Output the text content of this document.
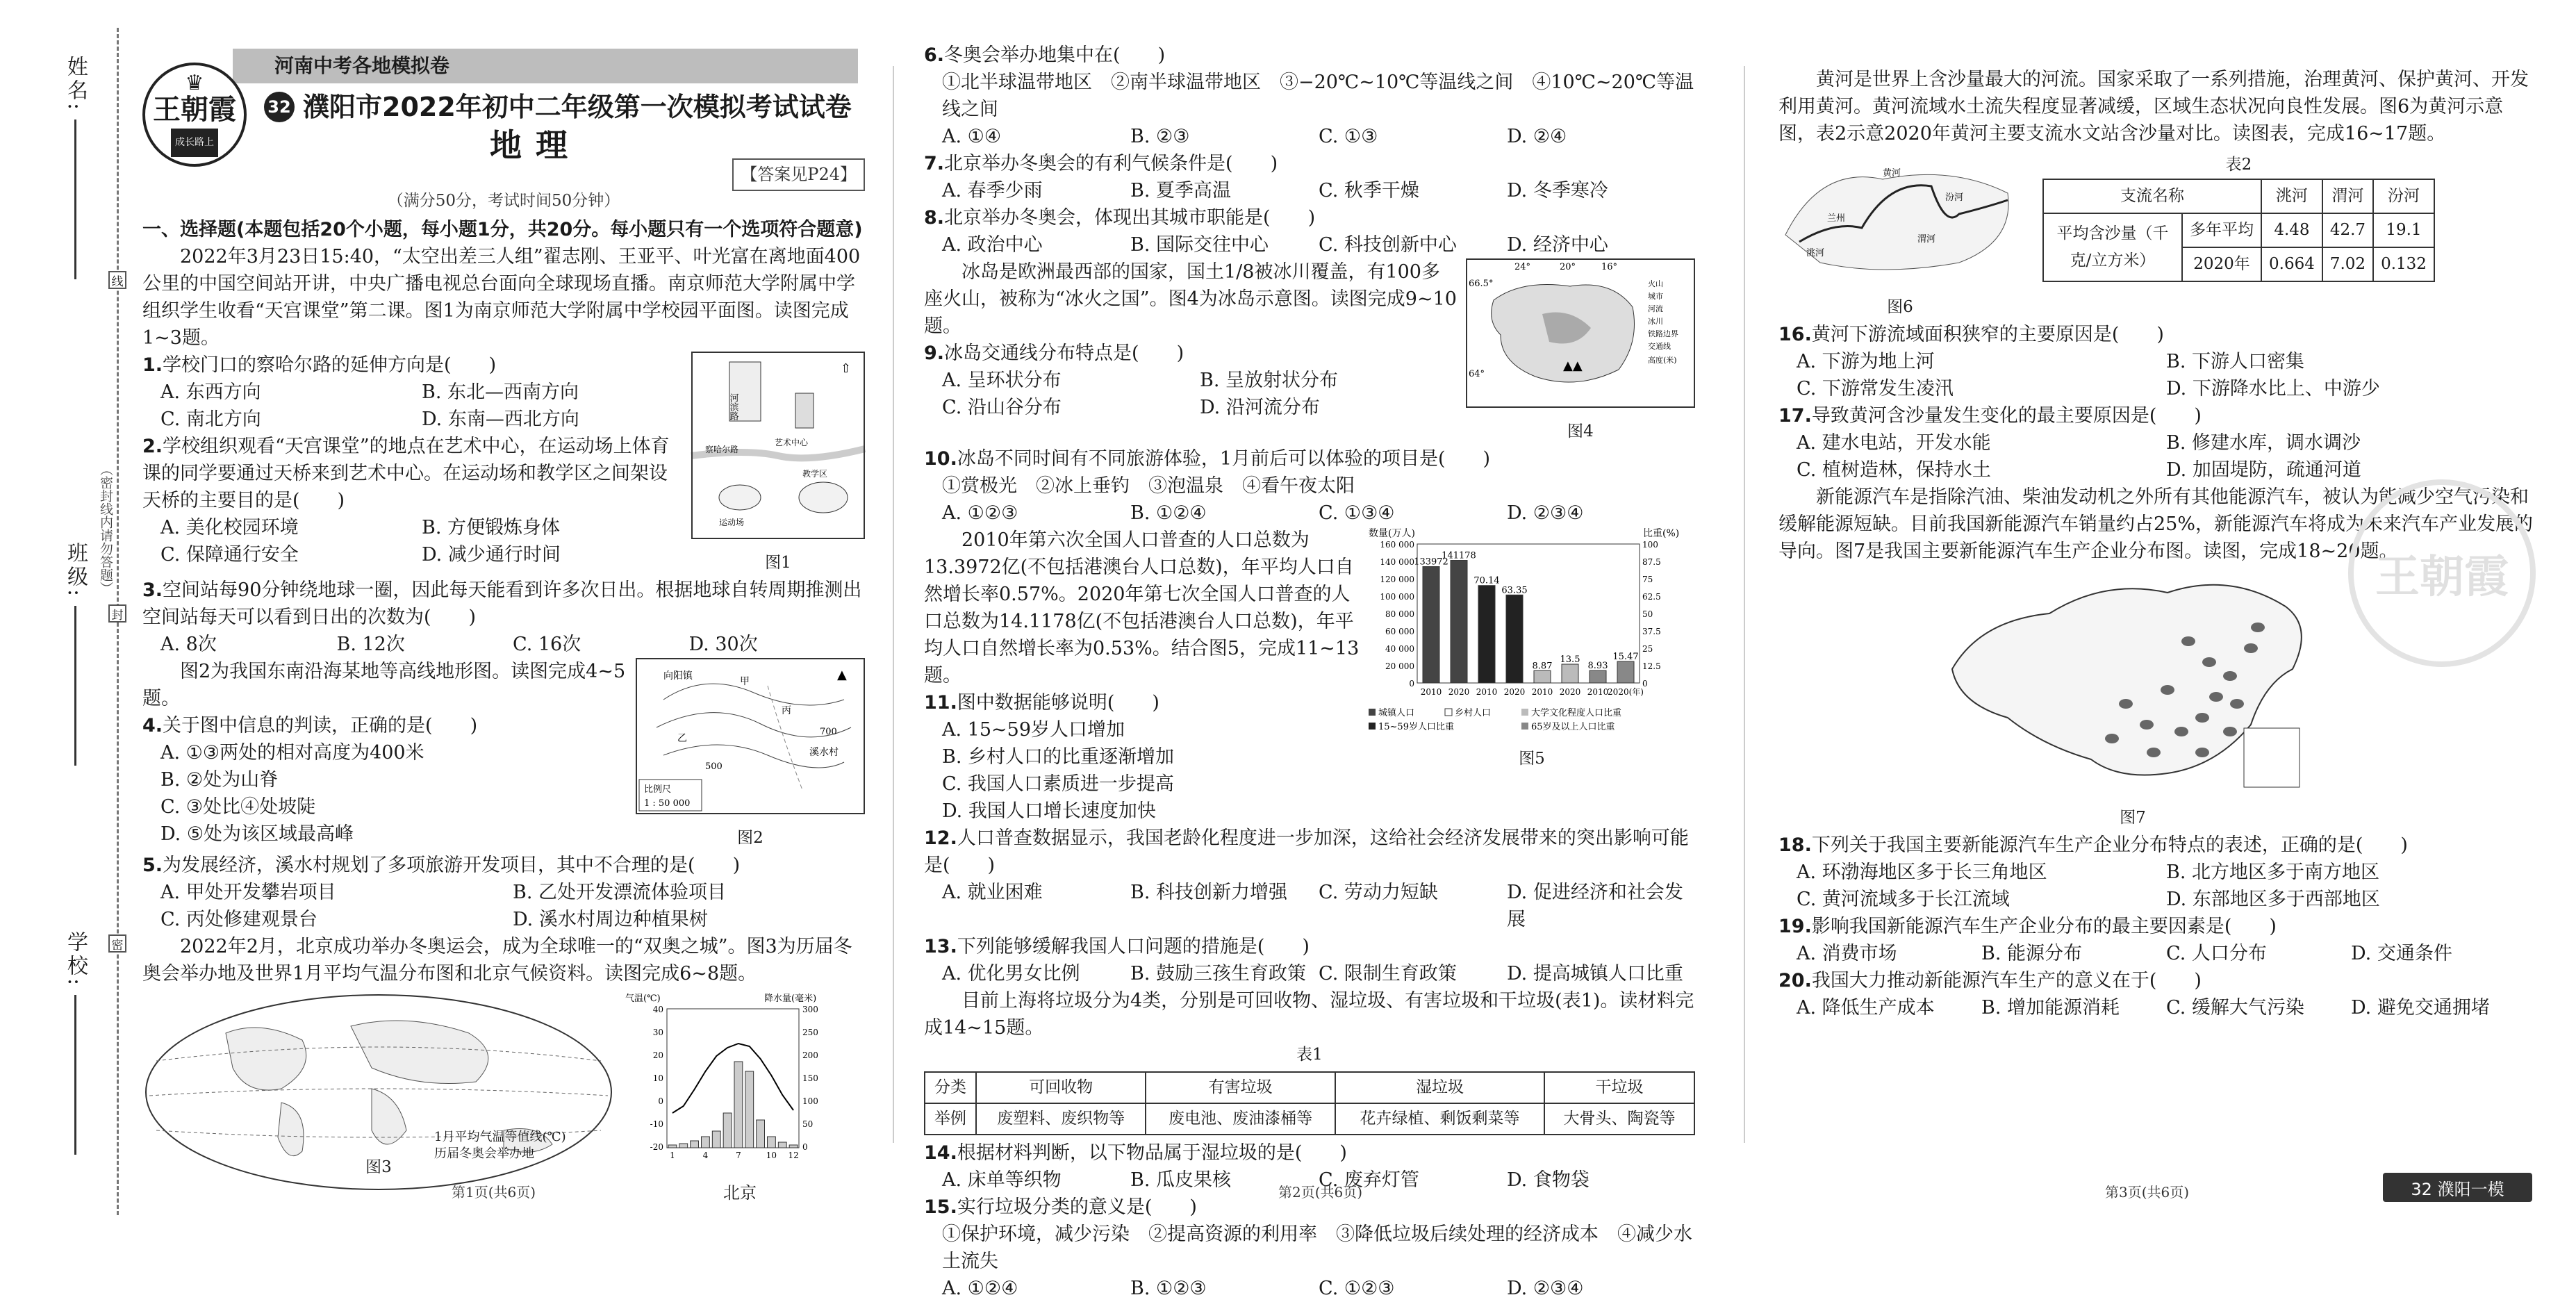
姓名:
班级:
学校:
线
封
密
（密封线内请勿答题）
河南中考各地模拟卷
♛
王朝霞
成长路上
32 濮阳市2022年初中二年级第一次模拟考试试卷
地理
【答案见P24】
（满分50分，考试时间50分钟）
一、选择题(本题包括20个小题，每小题1分，共20分。每小题只有一个选项符合题意)

2022年3月23日15:40，“太空出差三人组”翟志刚、王亚平、叶光富在离地面400公里的中国空间站开讲，中央广播电视总台面向全球现场直播。南京师范大学附属中学组织学生收看“天宫课堂”第二课。图1为南京师范大学附属中学校园平面图。读图完成1~3题。

1.学校门口的察哈尔路的延伸方向是(　　)
A. 东西方向	B. 东北—西南方向
C. 南北方向	D. 东南—西北方向
2.学校组织观看“天宫课堂”的地点在艺术中心，在运动场上体育课的同学要通过天桥来到艺术中心。在运动场和教学区之间架设天桥的主要目的是(　　)
A. 美化校园环境	B. 方便锻炼身体
C. 保障通行安全	D. 减少通行时间
河滨路
艺术中心
察哈尔路
教学区
运动场
⇧
图1
3.空间站每90分钟绕地球一圈，因此每天能看到许多次日出。根据地球自转周期推测出空间站每天可以看到日出的次数为(　　)
A. 8次	B. 12次	C. 16次	D. 30次

图2为我国东南沿海某地等高线地形图。读图完成4~5题。

4.关于图中信息的判读，正确的是(　　)
A. ①③两处的相对高度为400米
B. ②处为山脊
C. ③处比④处坡陡
D. ⑤处为该区域最高峰
向阳镇
溪水村
甲
乙
丙
500
700
比例尺
1 : 50 000
▲
图2
5.为发展经济，溪水村规划了多项旅游开发项目，其中不合理的是(　　)
A. 甲处开发攀岩项目	B. 乙处开发漂流体验项目
C. 丙处修建观景台	D. 溪水村周边种植果树

2022年2月，北京成功举办冬奥运会，成为全球唯一的“双奥之城”。图3为历届冬奥会举办地及世界1月平均气温分布图和北京气候资料。读图完成6~8题。

气温(℃)	降水量(毫米)
40
30
20
10
0
-10
-20
300
250
200
150
100
50
0
1	4	7	10 12
北京
1月平均气温等值线(℃)
历届冬奥会举办地
图3
6.冬奥会举办地集中在(　　)
①北半球温带地区　②南半球温带地区　③−20℃~10℃等温线之间　④10℃~20℃等温线之间
A. ①④	B. ②③	C. ①③	D. ②④
7.北京举办冬奥会的有利气候条件是(　　)
A. 春季少雨	B. 夏季高温	C. 秋季干燥	D. 冬季寒冷
8.北京举办冬奥会，体现出其城市职能是(　　)
A. 政治中心	B. 国际交往中心	C. 科技创新中心	D. 经济中心

冰岛是欧洲最西部的国家，国土1/8被冰川覆盖，有100多座火山，被称为“冰火之国”。图4为冰岛示意图。读图完成9~10题。

9.冰岛交通线分布特点是(　　)
A. 呈环状分布	B. 呈放射状分布
C. 沿山谷分布	D. 沿河流分布
24°	20°	16°
66.5°
64°
▲▲
火山
城市
河流
冰川
铁路边界
交通线
高度(米)
图4
10.冰岛不同时间有不同旅游体验，1月前后可以体验的项目是(　　)
①赏极光　②冰上垂钓　③泡温泉　④看午夜太阳
A. ①②③	B. ①②④	C. ①③④	D. ②③④

2010年第六次全国人口普查的人口总数为13.3972亿(不包括港澳台人口总数)，年平均人口自然增长率0.57%。2020年第七次全国人口普查的人口总数为14.1178亿(不包括港澳台人口总数)，年平均人口自然增长率为0.53%。结合图5，完成11~13题。

11.图中数据能够说明(　　)
A. 15~59岁人口增加
B. 乡村人口的比重逐渐增加
C. 我国人口素质进一步提高
D. 我国人口增长速度加快
数量(万人)	比重(%)
160 000
140 000
120 000
100 000
80 000
60 000
40 000
20 000
0
100
87.5
75
62.5
50
37.5
25
12.5
0
133972
141178
70.14
63.35
8.87
13.5
8.93
15.47
2010 2020 2010 2020 2010 2020 2010
2020(年)
城镇人口	乡村人口	大学文化程度人口比重
15~59岁人口比重	65岁及以上人口比重
图5
12.人口普查数据显示，我国老龄化程度进一步加深，这给社会经济发展带来的突出影响可能是(　　)
A. 就业困难	B. 科技创新力增强	C. 劳动力短缺	D. 促进经济和社会发展
13.下列能够缓解我国人口问题的措施是(　　)
A. 优化男女比例	B. 鼓励三孩生育政策 C. 限制生育政策	D. 提高城镇人口比重

目前上海将垃圾分为4类，分别是可回收物、湿垃圾、有害垃圾和干垃圾(表1)。读材料完成14~15题。

表1
分类	可回收物	有害垃圾	湿垃圾	干垃圾
举例	废塑料、废织物等	废电池、废油漆桶等	花卉绿植、剩饭剩菜等	大骨头、陶瓷等
14.根据材料判断，以下物品属于湿垃圾的是(　　)
A. 床单等织物	B. 瓜皮果核	C. 废弃灯管	D. 食物袋
15.实行垃圾分类的意义是(　　)
①保护环境，减少污染　②提高资源的利用率　③降低垃圾后续处理的经济成本　④减少水土流失
A. ①②④	B. ①②③	C. ①②③	D. ②③④

黄河是世界上含沙量最大的河流。国家采取了一系列措施，治理黄河、保护黄河、开发利用黄河。黄河流域水土流失程度显著减缓，区域生态状况向良性发展。图6为黄河示意图，表2示意2020年黄河主要支流水文站含沙量对比。读图表，完成16~17题。

兰州
洮河
渭河
汾河
黄河
图6
表2
支流名称		洮河	渭河	汾河
平均含沙量（千克/立方米）	多年平均	4.48	42.7	19.1
	2020年	0.664	7.02	0.132
16.黄河下游流域面积狭窄的主要原因是(　　)
A. 下游为地上河	B. 下游人口密集
C. 下游常发生凌汛	D. 下游降水比上、中游少
17.导致黄河含沙量发生变化的最主要原因是(　　)
A. 建水电站，开发水能	B. 修建水库，调水调沙
C. 植树造林，保持水土	D. 加固堤防，疏通河道

新能源汽车是指除汽油、柴油发动机之外所有其他能源汽车，被认为能减少空气污染和缓解能源短缺。目前我国新能源汽车销量约占25%，新能源汽车将成为未来汽车产业发展的导向。图7是我国主要新能源汽车生产企业分布图。读图，完成18~20题。

图7
18.下列关于我国主要新能源汽车生产企业分布特点的表述，正确的是(　　)
A. 环渤海地区多于长三角地区	B. 北方地区多于南方地区
C. 黄河流域多于长江流域	D. 东部地区多于西部地区
19.影响我国新能源汽车生产企业分布的最主要因素是(　　)
A. 消费市场	B. 能源分布	C. 人口分布	D. 交通条件
20.我国大力推动新能源汽车生产的意义在于(　　)
A. 降低生产成本	B. 增加能源消耗	C. 缓解大气污染	D. 避免交通拥堵
王朝霞
第1页(共6页)	第2页(共6页)	第3页(共6页)	32 濮阳一模
